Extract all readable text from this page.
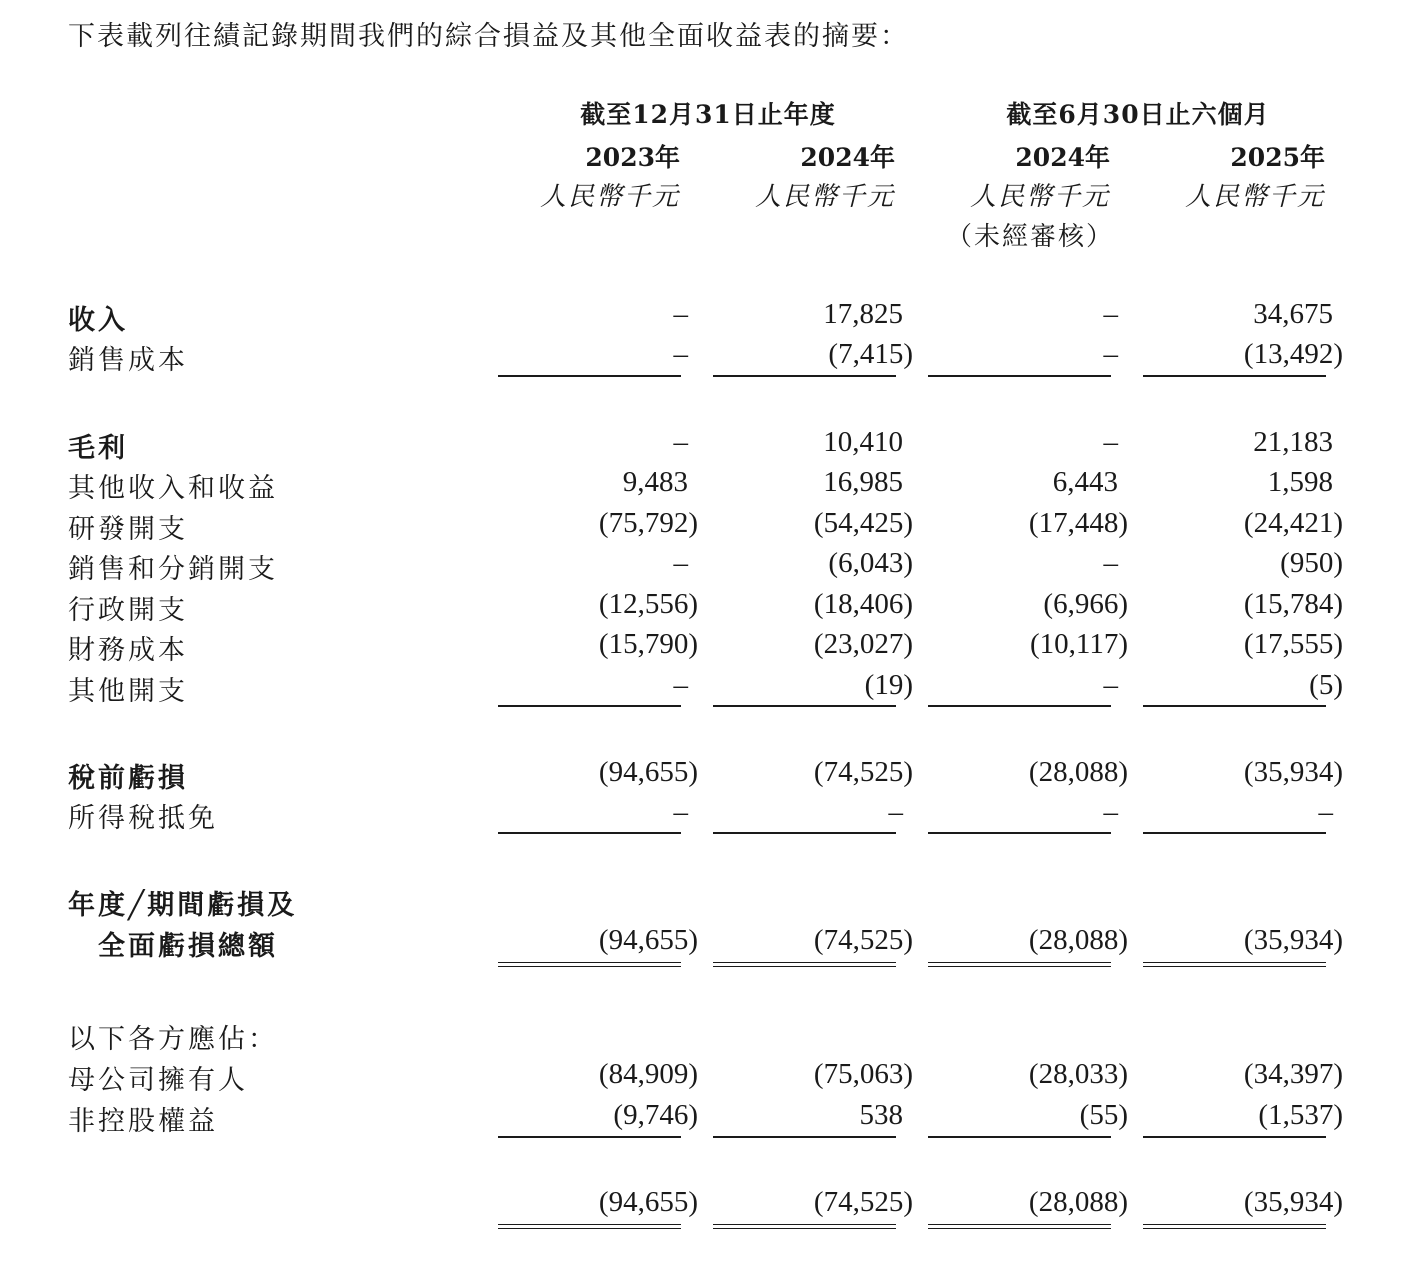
下表載列往績記錄期間我們的綜合損益及其他全面收益表的摘要：
截至12月31日止年度	截至6月30日止六個月
2023年	2024年	2024年	2025年
人民幣千元	人民幣千元	人民幣千元	人民幣千元
（未經審核）
收入	–	17,825	–	34,675
銷售成本	–	(7,415)	–	(13,492)
毛利	–	10,410	–	21,183
其他收入和收益	9,483	16,985	6,443	1,598
研發開支	(75,792)	(54,425)	(17,448)	(24,421)
銷售和分銷開支	–	(6,043)	–	(950)
行政開支	(12,556)	(18,406)	(6,966)	(15,784)
財務成本	(15,790)	(23,027)	(10,117)	(17,555)
其他開支	–	(19)	–	(5)
稅前虧損	(94,655)	(74,525)	(28,088)	(35,934)
所得稅抵免	–	–	–	–
年度╱期間虧損及
全面虧損總額	(94,655)	(74,525)	(28,088)	(35,934)
以下各方應佔：
母公司擁有人	(84,909)	(75,063)	(28,033)	(34,397)
非控股權益	(9,746)	538	(55)	(1,537)
(94,655)	(74,525)	(28,088)	(35,934)
